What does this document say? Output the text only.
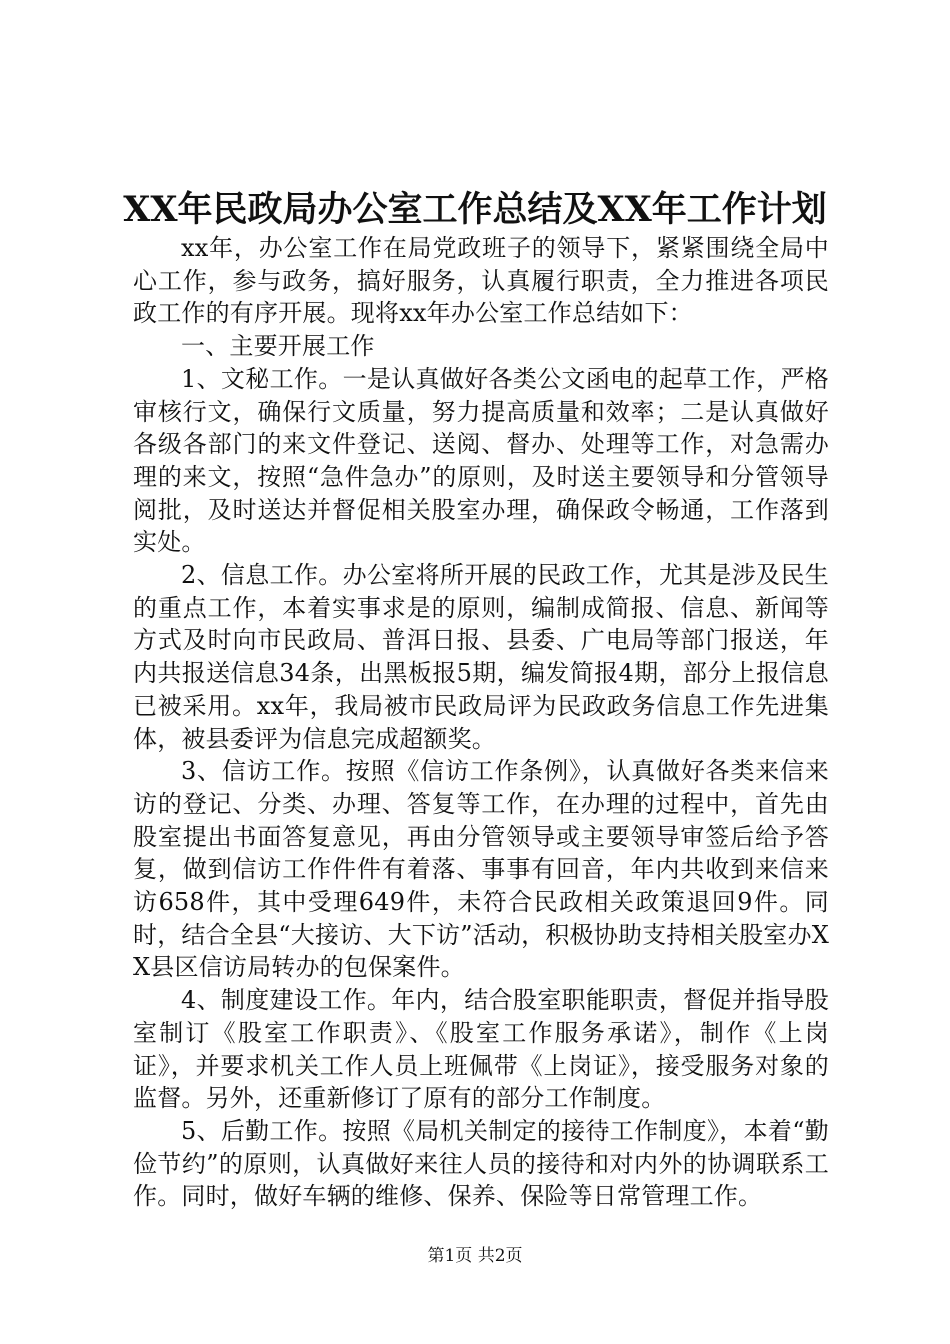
XX年民政局办公室工作总结及XX年工作计划

xx年，办公室工作在局党政班子的领导下，紧紧围绕全局中心工作，参与政务，搞好服务，认真履行职责，全力推进各项民政工作的有序开展。现将xx年办公室工作总结如下：

一、主要开展工作

1、文秘工作。一是认真做好各类公文函电的起草工作，严格审核行文，确保行文质量，努力提高质量和效率；二是认真做好各级各部门的来文件登记、送阅、督办、处理等工作，对急需办理的来文，按照“急件急办”的原则，及时送主要领导和分管领导阅批，及时送达并督促相关股室办理，确保政令畅通，工作落到实处。

2、信息工作。办公室将所开展的民政工作，尤其是涉及民生的重点工作，本着实事求是的原则，编制成简报、信息、新闻等方式及时向市民政局、普洱日报、县委、广电局等部门报送，年内共报送信息34条，出黑板报5期，编发简报4期，部分上报信息已被采用。xx年，我局被市民政局评为民政政务信息工作先进集体，被县委评为信息完成超额奖。

3、信访工作。按照《信访工作条例》，认真做好各类来信来访的登记、分类、办理、答复等工作，在办理的过程中，首先由股室提出书面答复意见，再由分管领导或主要领导审签后给予答复，做到信访工作件件有着落、事事有回音，年内共收到来信来访658件，其中受理649件，未符合民政相关政策退回9件。同时，结合全县“大接访、大下访”活动，积极协助支持相关股室办XX县区信访局转办的包保案件。

4、制度建设工作。年内，结合股室职能职责，督促并指导股室制订《股室工作职责》、《股室工作服务承诺》，制作《上岗证》，并要求机关工作人员上班佩带《上岗证》，接受服务对象的监督。另外，还重新修订了原有的部分工作制度。

5、后勤工作。按照《局机关制定的接待工作制度》，本着“勤俭节约”的原则，认真做好来往人员的接待和对内外的协调联系工作。同时，做好车辆的维修、保养、保险等日常管理工作。

第1页 共2页
